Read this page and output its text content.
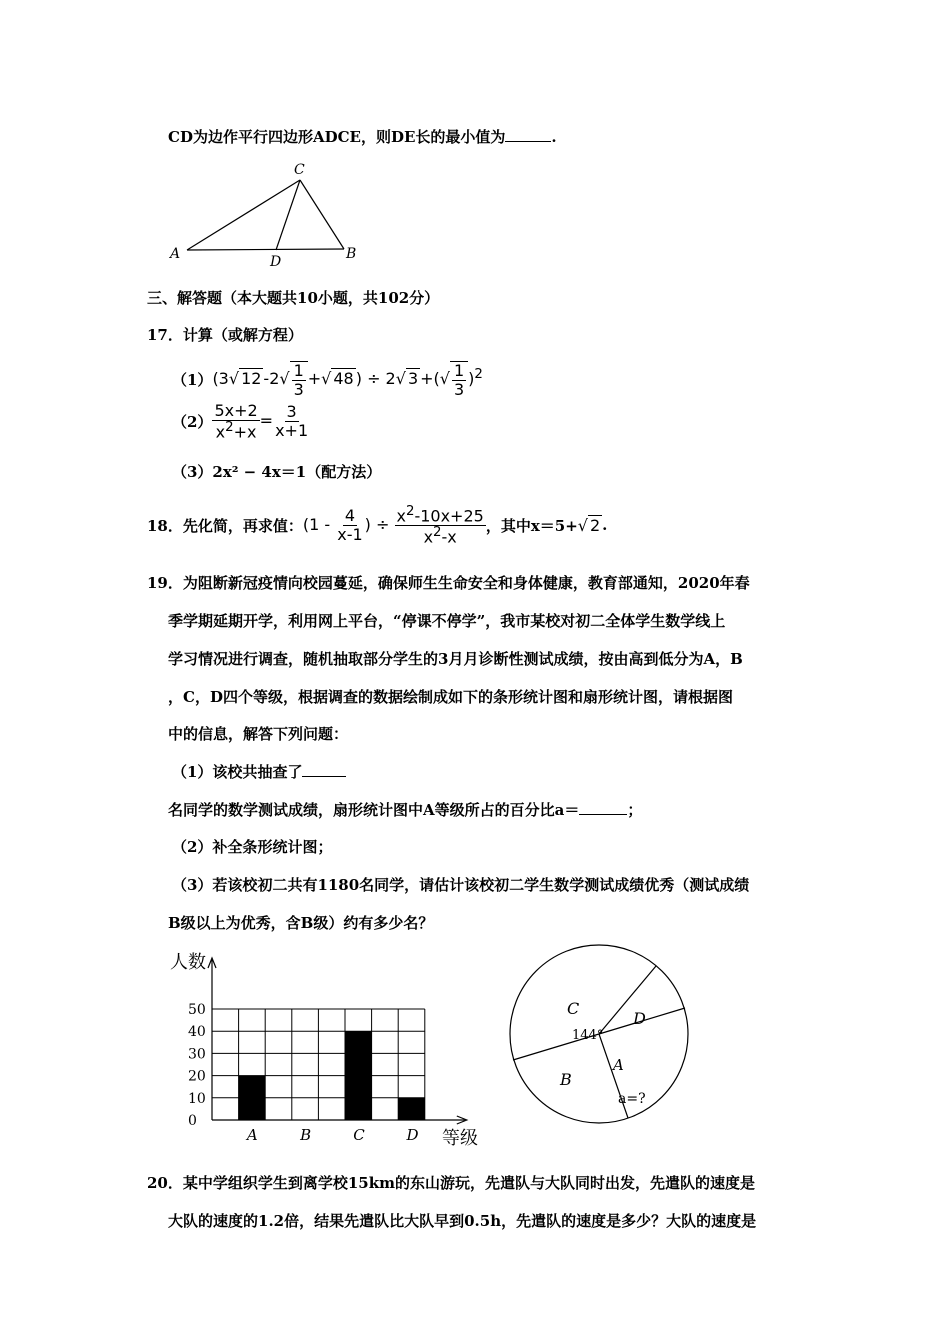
CD为边作平行四边形ADCE，则DE长的最小值为	.
C
A	B
D
三、解答题（本大题共10小题，共102分）
17．计算（或解方程）
（1） (3√ 12 $-2√ \frac{1}{3}$ +√ 48 ) ÷ 2√ 3 +(√ $\frac{1}{3} )^2$
$(2) \frac{5x+2}{x^2+x} = \frac{3}{x+1}$
（3）2x² − 4x＝1（配方法）
18．先化简，再求值： ($1 - \frac{4}{x-1}$ ) ÷ $\frac{x^2-10x+25}{x^2-x}$ ，其中x＝5+ √ 2 .
19．为阻断新冠疫情向校园蔓延，确保师生生命安全和身体健康，教育部通知，2020年春
季学期延期开学，利用网上平台，“停课不停学”，我市某校对初二全体学生数学线上
学习情况进行调查，随机抽取部分学生的3月月诊断性测试成绩，按由高到低分为A，B
，C，D四个等级，根据调查的数据绘制成如下的条形统计图和扇形统计图，请根据图
中的信息，解答下列问题：
（1）该校共抽查了
名同学的数学测试成绩，扇形统计图中A等级所占的百分比a＝	；
（2）补全条形统计图；
（3）若该校初二共有1180名同学，请估计该校初二学生数学测试成绩优秀（测试成绩
B级以上为优秀，含B级）约有多少名？
0
10
20
30
40
50
A	B	C	D
人数
等级
C
144°
D
A
a=?
B
20．某中学组织学生到离学校15km的东山游玩，先遣队与大队同时出发，先遣队的速度是
大队的速度的1.2倍，结果先遣队比大队早到0.5h，先遣队的速度是多少？大队的速度是
